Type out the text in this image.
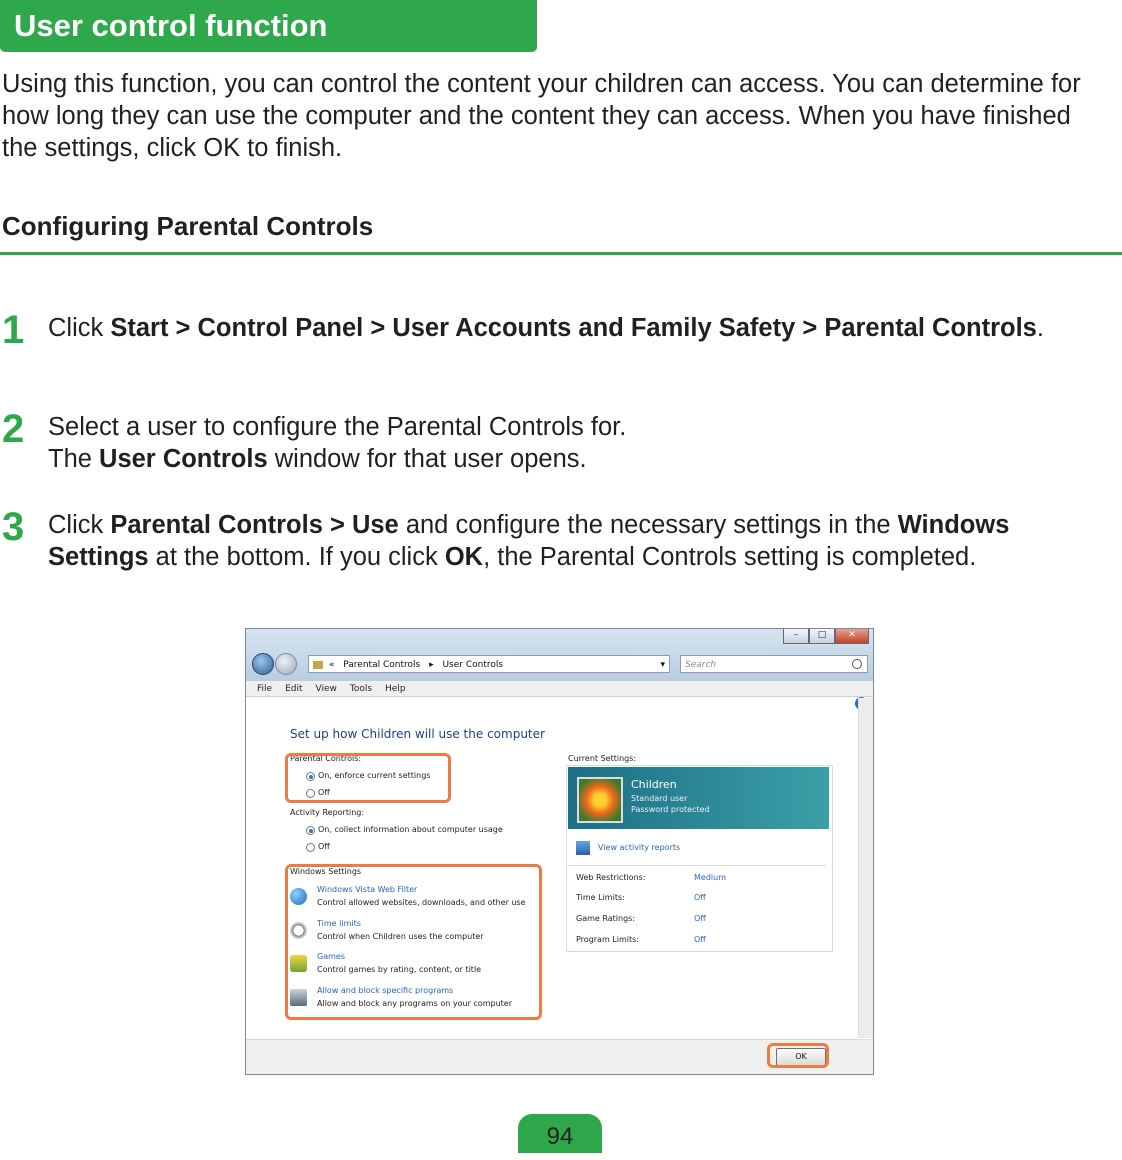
User control function
Using this function, you can control the content your children can access. You can determine for how long they can use the computer and the content they can access. When you have finished the settings, click OK to finish.
Configuring Parental Controls
1 Click Start > Control Panel > User Accounts and Family Safety > Parental Controls.
2 Select a user to configure the Parental Controls for.
The User Controls window for that user opens.
3 Click Parental Controls > Use and configure the necessary settings in the Windows Settings at the bottom. If you click OK, the Parental Controls setting is completed.
–	□	✕
« Parental Controls ▸ User Controls	▾	Search
File Edit View Tools Help
Set up how Children will use the computer
Parental Controls:
On, enforce current settings
Off
Activity Reporting:
On, collect information about computer usage
Off
Windows Settings
Windows Vista Web Filter
Control allowed websites, downloads, and other use
Time limits
Control when Children uses the computer
Games
Control games by rating, content, or title
Allow and block specific programs
Allow and block any programs on your computer
Current Settings:
Children
Standard user
Password protected
View activity reports
Web Restrictions:	Medium
Time Limits:	Off
Game Ratings:	Off
Program Limits:	Off
OK
94
